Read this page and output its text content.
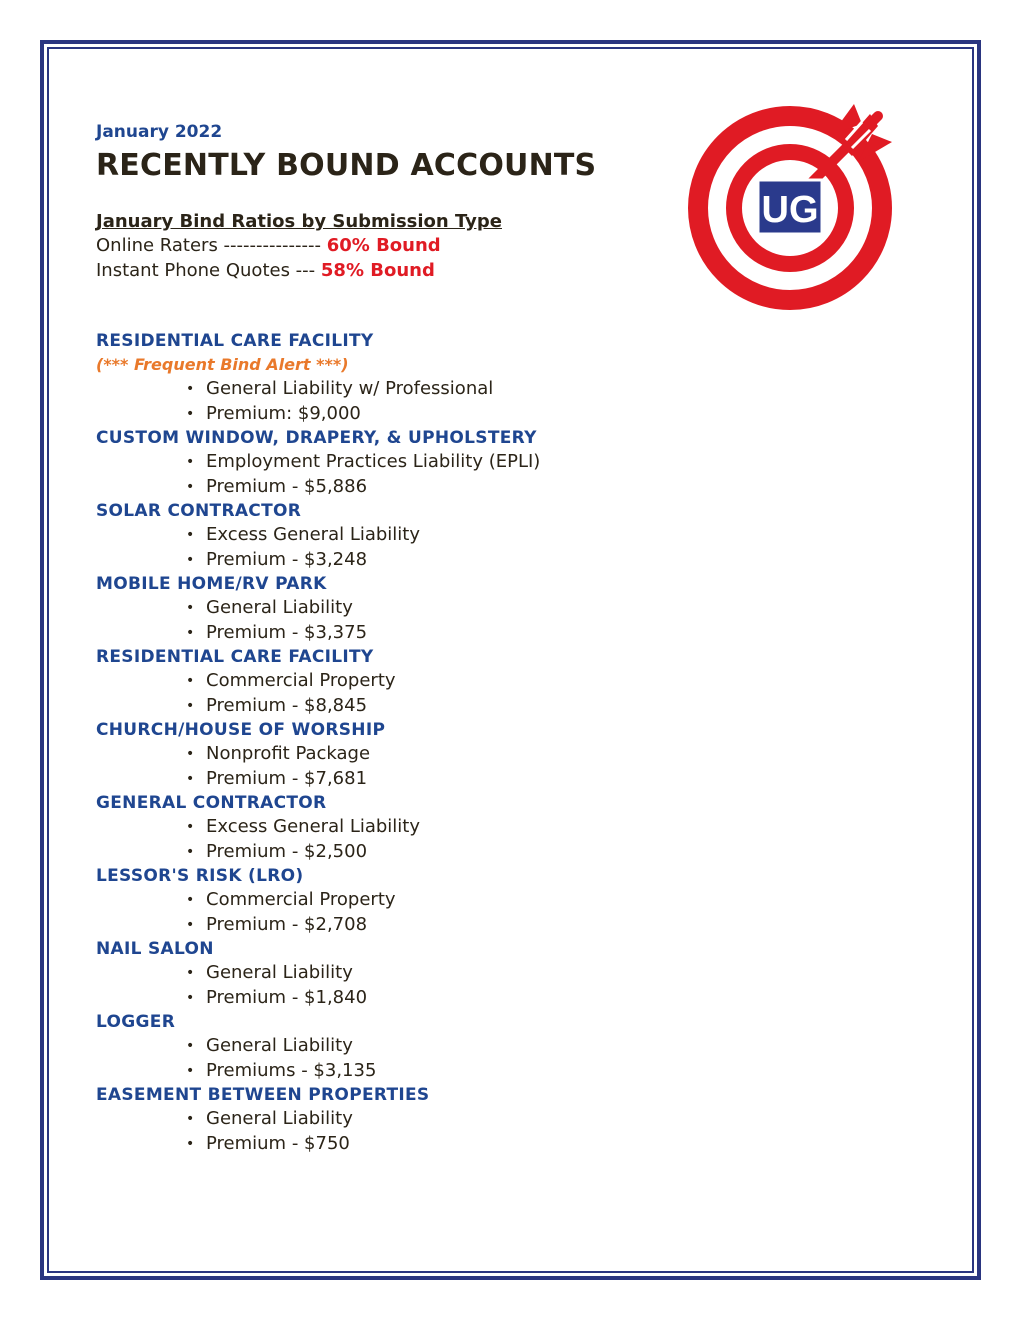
January 2022
RECENTLY BOUND ACCOUNTS
January Bind Ratios by Submission Type
Online Raters --------------- 60% Bound
Instant Phone Quotes --- 58% Bound
UG
RESIDENTIAL CARE FACILITY
(*** Frequent Bind Alert ***)
• General Liability w/ Professional
• Premium: $9,000
CUSTOM WINDOW, DRAPERY, & UPHOLSTERY
• Employment Practices Liability (EPLI)
• Premium - $5,886
SOLAR CONTRACTOR
• Excess General Liability
• Premium - $3,248
MOBILE HOME/RV PARK
• General Liability
• Premium - $3,375
RESIDENTIAL CARE FACILITY
• Commercial Property
• Premium - $8,845
CHURCH/HOUSE OF WORSHIP
• Nonprofit Package
• Premium - $7,681
GENERAL CONTRACTOR
• Excess General Liability
• Premium - $2,500
LESSOR'S RISK (LRO)
• Commercial Property
• Premium - $2,708
NAIL SALON
• General Liability
• Premium - $1,840
LOGGER
• General Liability
• Premiums - $3,135
EASEMENT BETWEEN PROPERTIES
• General Liability
• Premium - $750
